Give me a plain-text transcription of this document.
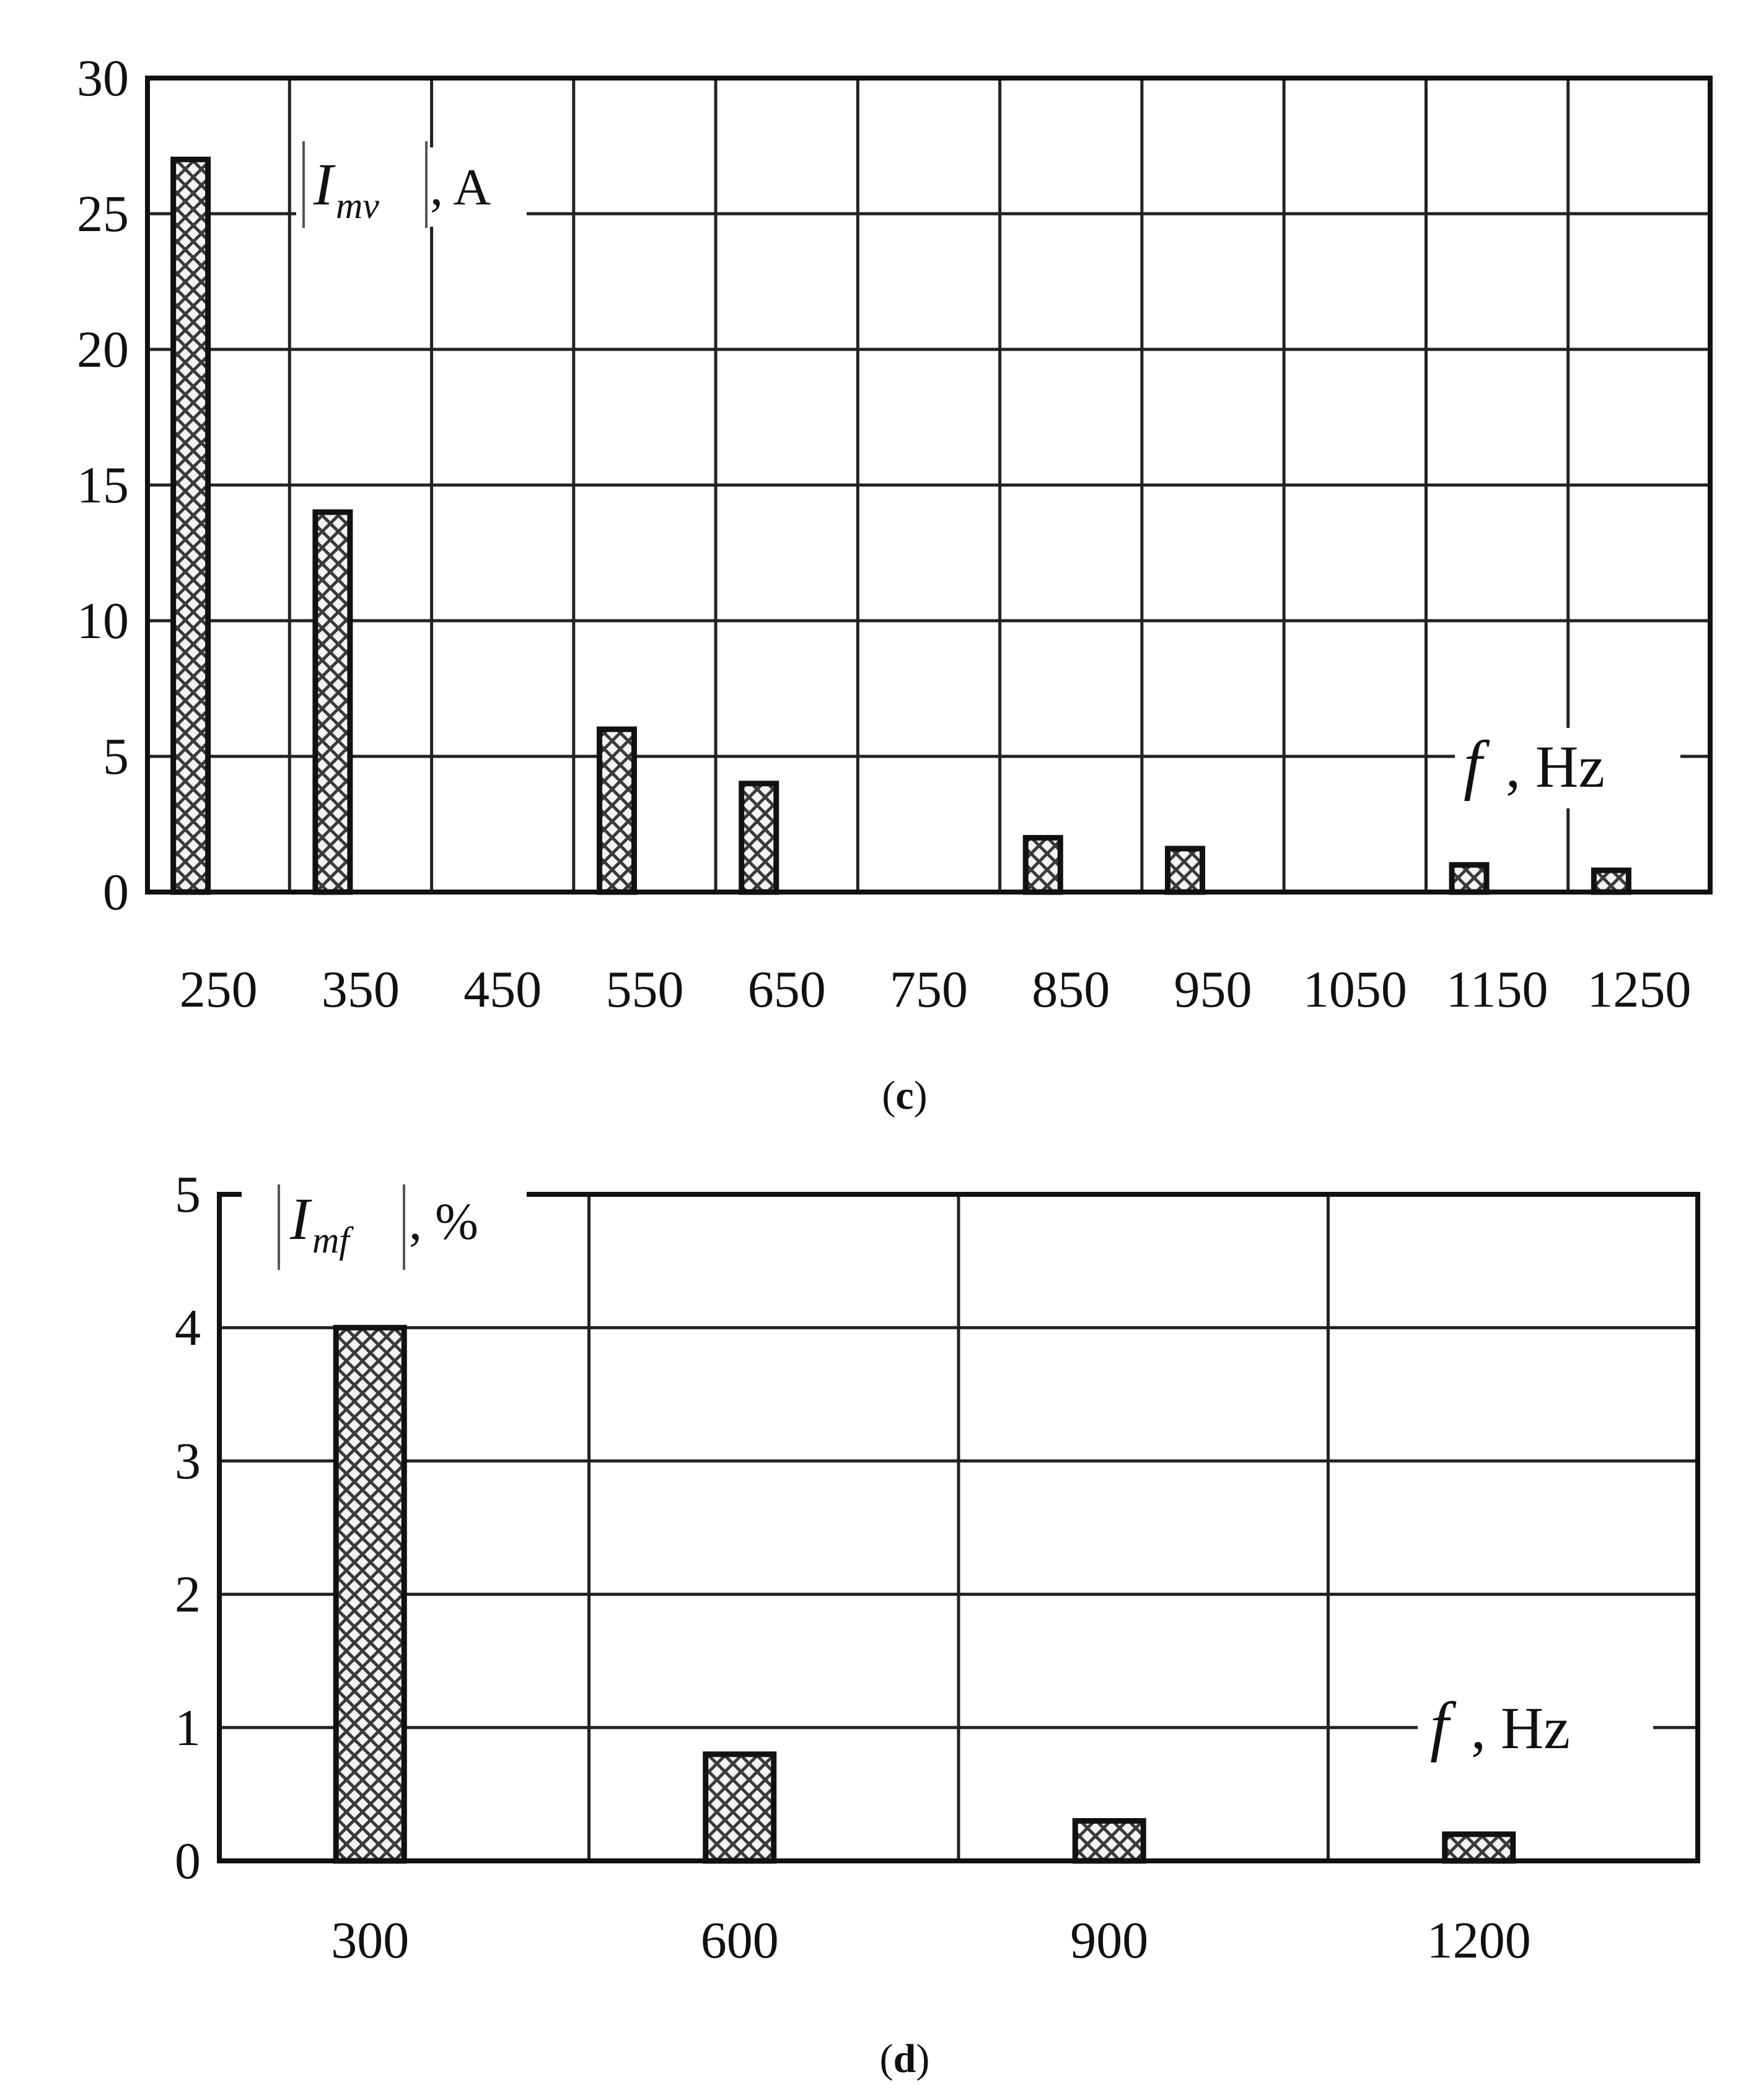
0
5
10
15
20
25
30
250 350 450 550 650 750 850 950 1050 1150 1250
Imv , A
f , Hz
(c)
0
1
2
3
4
5
300	600	900	1200
Imf , %
f , Hz
(d)
